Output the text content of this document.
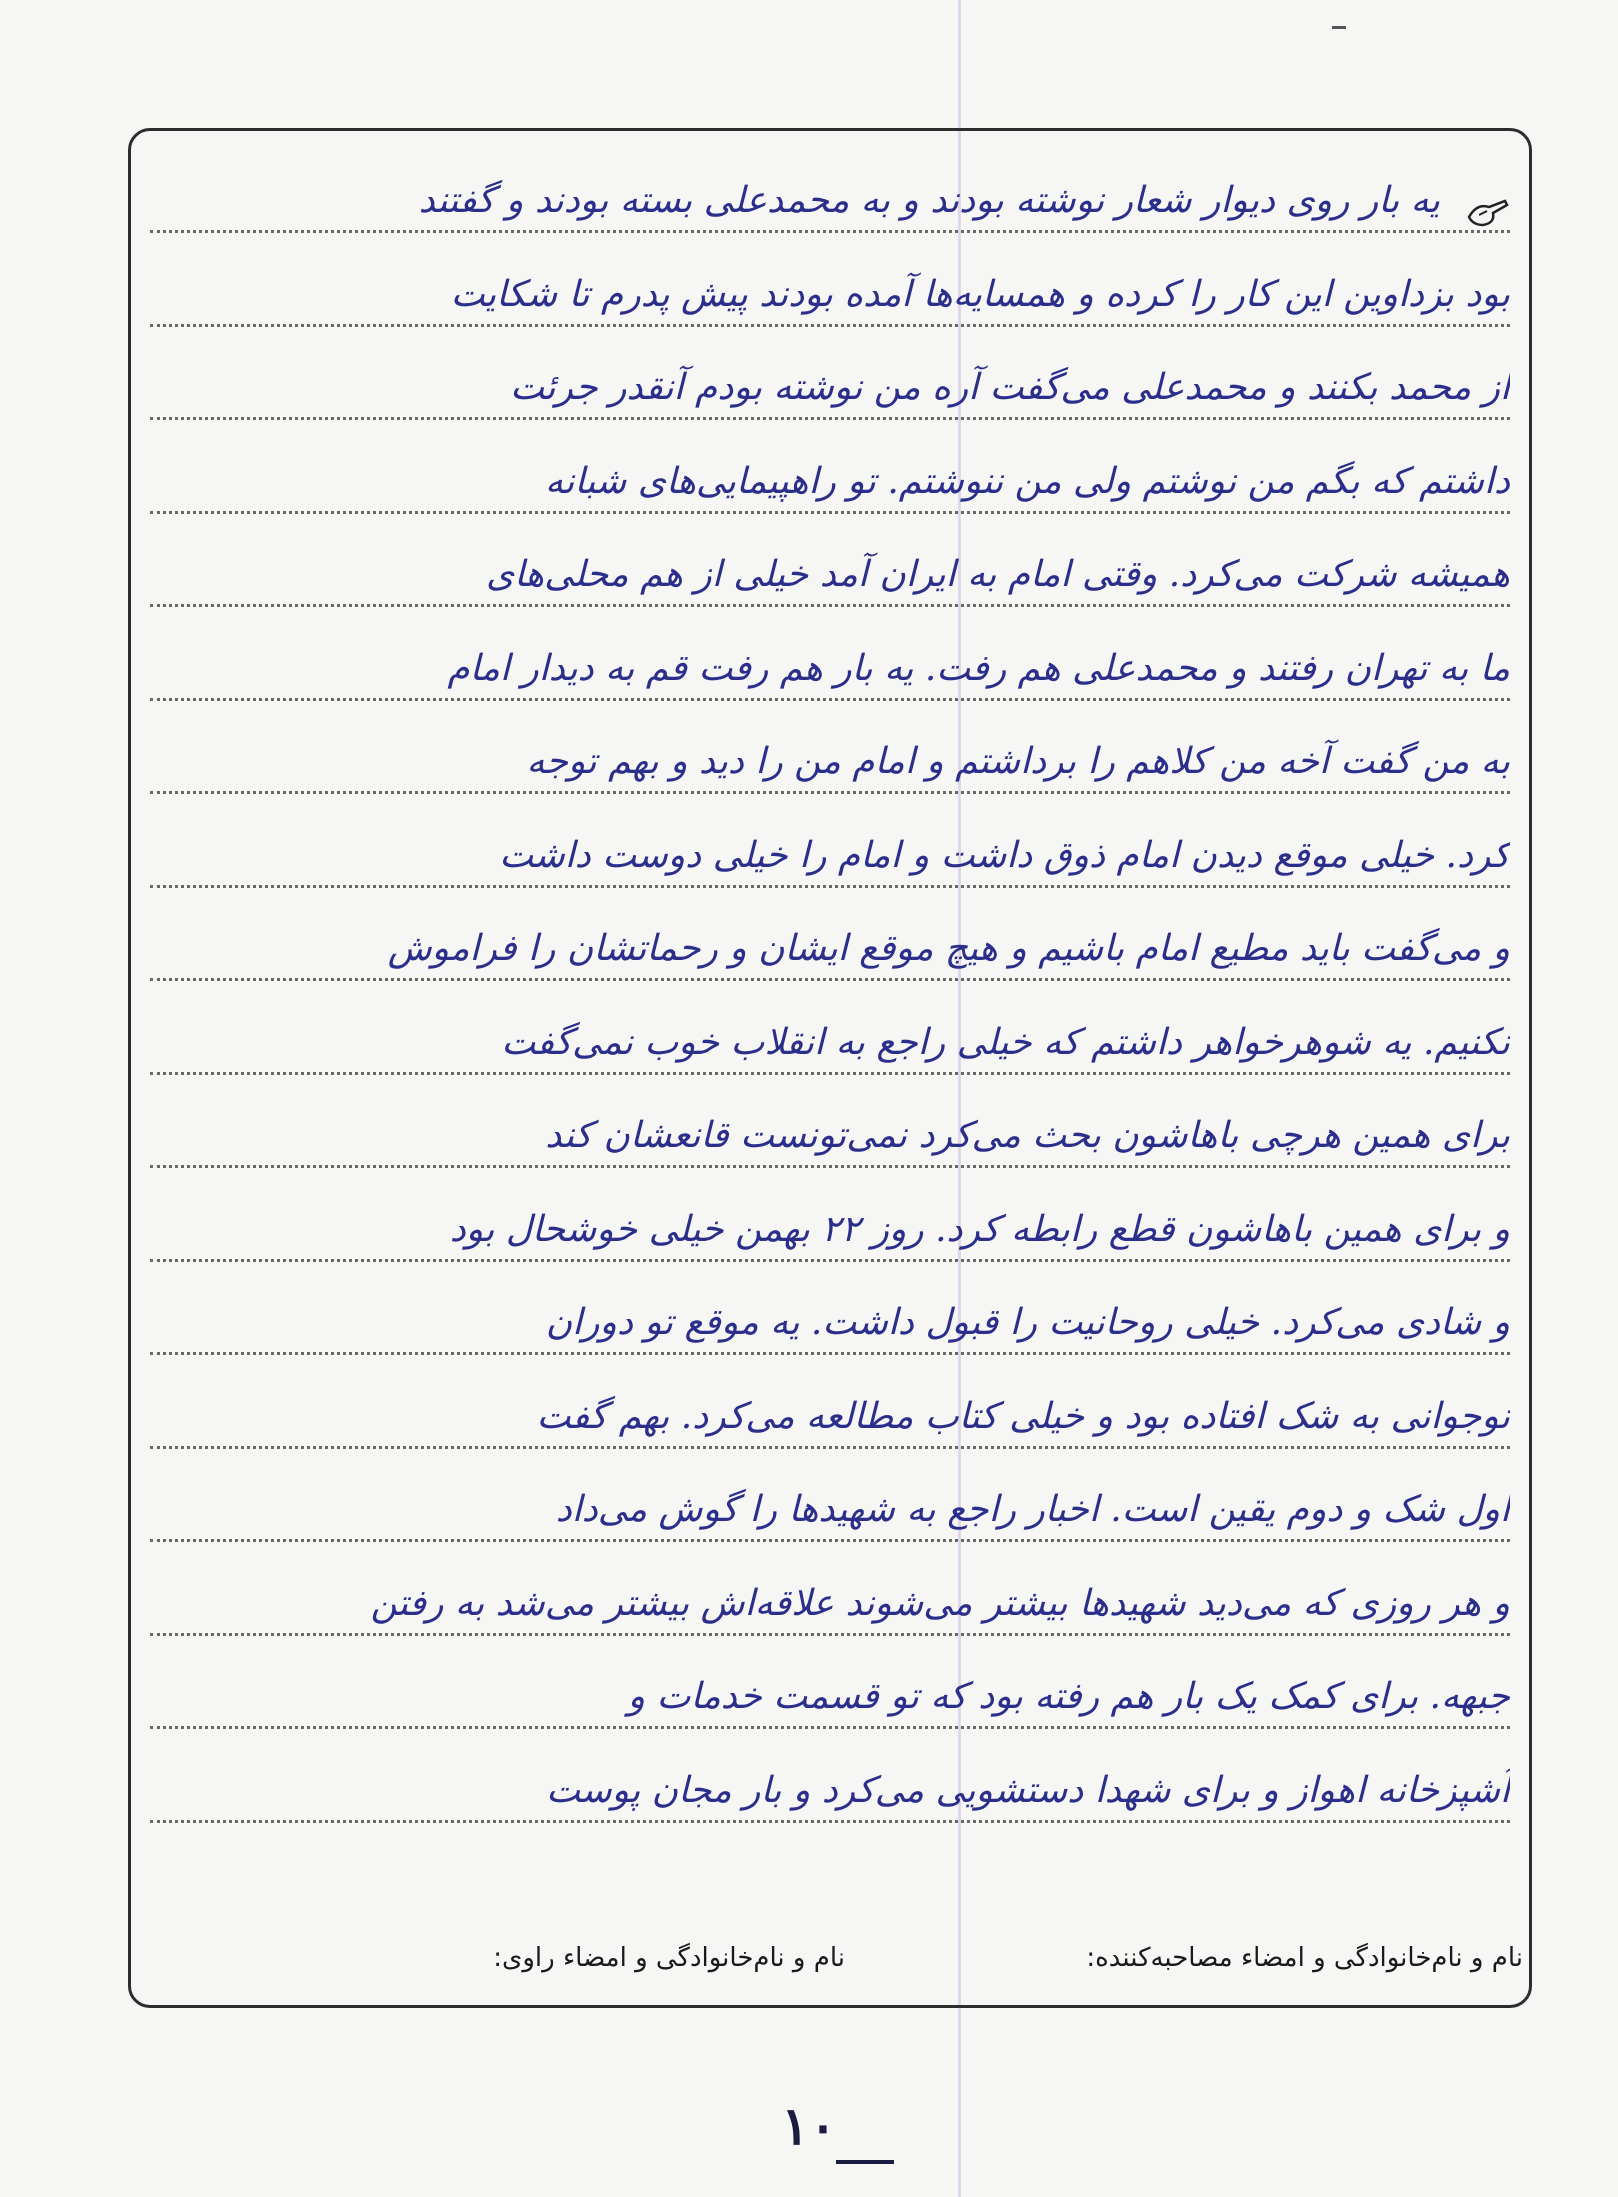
نام و نام‌خانوادگی و امضاء مصاحبه‌کننده:
نام و نام‌خانوادگی و امضاء راوی:
یه بار روی دیوار شعار نوشته بودند و به محمدعلی بسته بودند و گفتند
بود بزداوین این کار را کرده و همسایه‌ها آمده بودند پیش پدرم تا شکایت
از محمد بکنند و محمدعلی می‌گفت آره من نوشته بودم آنقدر جرئت
داشتم که بگم من نوشتم ولی من ننوشتم. تو راهپیمایی‌های شبانه
همیشه شرکت می‌کرد. وقتی امام به ایران آمد خیلی از هم محلی‌های
ما به تهران رفتند و محمدعلی هم رفت. یه بار هم رفت قم به دیدار امام
به من گفت آخه من کلاهم را برداشتم و امام من را دید و بهم توجه
کرد. خیلی موقع دیدن امام ذوق داشت و امام را خیلی دوست داشت
و می‌گفت باید مطیع امام باشیم و هیچ موقع ایشان و رحماتشان را فراموش
نکنیم. یه شوهرخواهر داشتم که خیلی راجع به انقلاب خوب نمی‌گفت
برای همین هرچی باهاشون بحث می‌کرد نمی‌تونست قانعشان کند
و برای همین باهاشون قطع رابطه کرد. روز ۲۲ بهمن خیلی خوشحال بود
و شادی می‌کرد. خیلی روحانیت را قبول داشت. یه موقع تو دوران
نوجوانی به شک افتاده بود و خیلی کتاب مطالعه می‌کرد. بهم گفت
اول شک و دوم یقین است. اخبار راجع به شهیدها را گوش می‌داد
و هر روزی که می‌دید شهیدها بیشتر می‌شوند علاقه‌اش بیشتر می‌شد به رفتن
جبهه. برای کمک یک بار هم رفته بود که تو قسمت خدمات و
آشپزخانه اهواز و برای شهدا دستشویی می‌کرد و بار مجان پوست
۱۰
